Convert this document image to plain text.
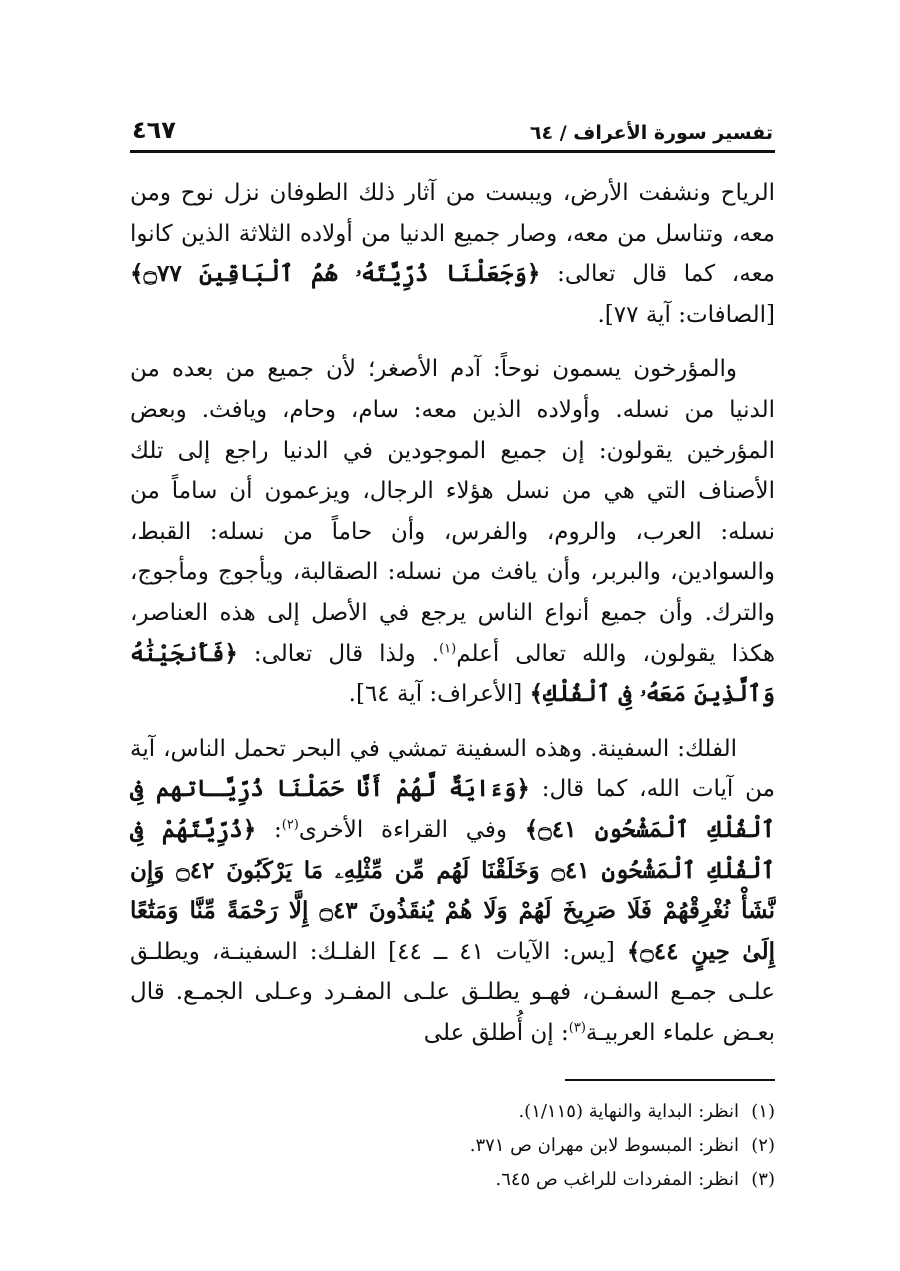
تفسير سورة الأعراف / ٦٤
٤٦٧

الرياح ونشفت الأرض، ويبست من آثار ذلك الطوفان نزل نوح ومن معه، وتناسل من معه، وصار جميع الدنيا من أولاده الثلاثة الذين كانوا معه، كما قال تعالى: ﴿وَجَعَلْنَا ذُرِّيَّتَهُۥ هُمُ ٱلْبَاقِينَ ۝٧٧﴾ [الصافات: آية ٧٧].

والمؤرخون يسمون نوحاً: آدم الأصغر؛ لأن جميع من بعده من الدنيا من نسله. وأولاده الذين معه: سام، وحام، ويافث. وبعض المؤرخين يقولون: إن جميع الموجودين في الدنيا راجع إلى تلك الأصناف التي هي من نسل هؤلاء الرجال، ويزعمون أن ساماً من نسله: العرب، والروم، والفرس، وأن حاماً من نسله: القبط، والسوادين، والبربر، وأن يافث من نسله: الصقالبة، ويأجوج ومأجوج، والترك. وأن جميع أنواع الناس يرجع في الأصل إلى هذه العناصر، هكذا يقولون، والله تعالى أعلم$^{(١)}$. ولذا قال تعالى: ﴿فَأَنجَيْنَٰهُ وَٱلَّذِينَ مَعَهُۥ فِى ٱلْفُلْكِ﴾ [الأعراف: آية ٦٤].

الفلك: السفينة. وهذه السفينة تمشي في البحر تحمل الناس، آية من آيات الله، كما قال: ﴿وَءَايَةٌ لَّهُمْ أَنَّا حَمَلْنَا ذُرِّيَّـاتهم فِى ٱلْفُلْكِ ٱلْمَشْحُونِ ۝٤١﴾ وفي القراءة الأخرى$^{(٢)}$: ﴿ذُرِّيَّتَهُمْ فِى ٱلْفُلْكِ ٱلْمَشْحُونِ ۝٤١ وَخَلَقْنَا لَهُم مِّن مِّثْلِهِۦ مَا يَرْكَبُونَ ۝٤٢ وَإِن نَّشَأْ نُغْرِقْهُمْ فَلَا صَرِيخَ لَهُمْ وَلَا هُمْ يُنقَذُونَ ۝٤٣ إِلَّا رَحْمَةً مِّنَّا وَمَتَٰعًا إِلَىٰ حِينٍ ۝٤٤﴾ [يس: الآيات ٤١ ــ ٤٤] الفلـك: السفينـة، ويطلـق علـى جمـع السفـن، فهـو يطلـق علـى المفـرد وعـلى الجمـع. قال بعـض علماء العربيـة$^{(٣)}$: إن أُطلق على

(١)انظر: البداية والنهاية (١/١١٥).
(٢)انظر: المبسوط لابن مهران ص ٣٧١.
(٣)انظر: المفردات للراغب ص ٦٤٥.
